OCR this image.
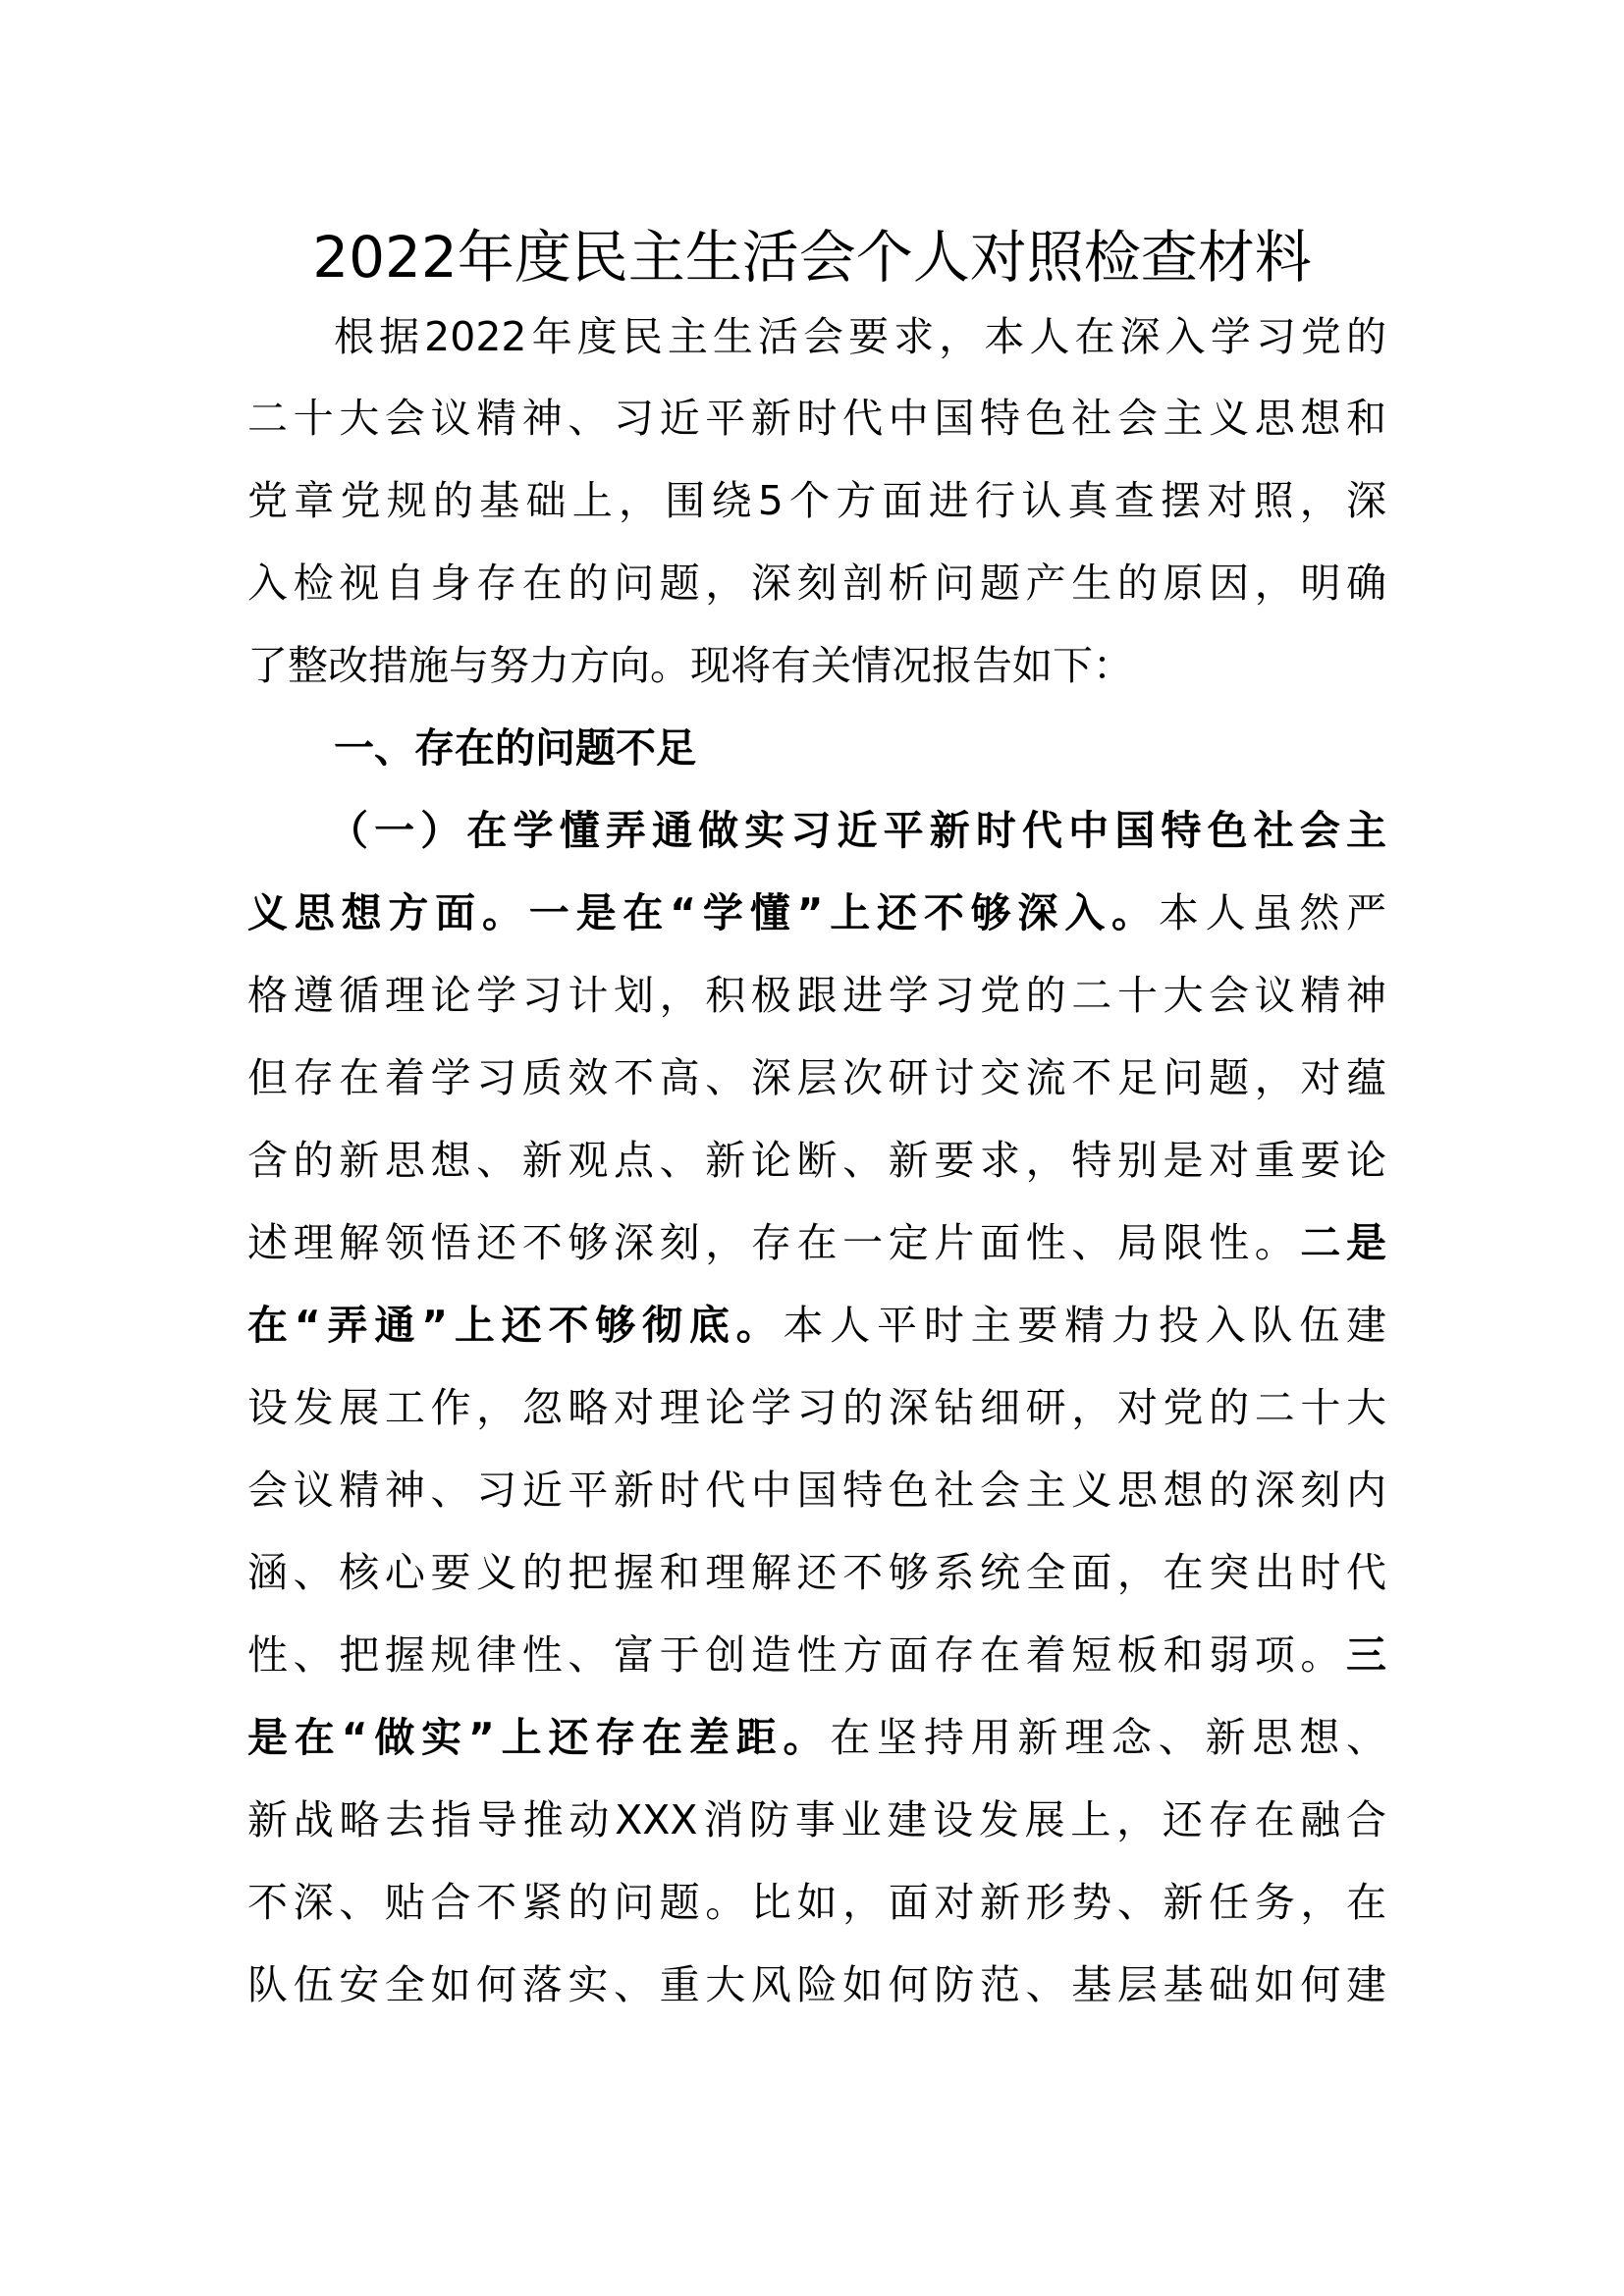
2022年度民主生活会个人对照检查材料
根据2022年度民主生活会要求，本人在深入学习党的
二十大会议精神、习近平新时代中国特色社会主义思想和
党章党规的基础上，围绕5个方面进行认真查摆对照，深
入检视自身存在的问题，深刻剖析问题产生的原因，明确
了整改措施与努力方向。现将有关情况报告如下：
一、存在的问题不足
（一）在学懂弄通做实习近平新时代中国特色社会主
义思想方面。一是在“学懂”上还不够深入。本人虽然严
格遵循理论学习计划，积极跟进学习党的二十大会议精神
但存在着学习质效不高、深层次研讨交流不足问题，对蕴
含的新思想、新观点、新论断、新要求，特别是对重要论
述理解领悟还不够深刻，存在一定片面性、局限性。二是
在“弄通”上还不够彻底。本人平时主要精力投入队伍建
设发展工作，忽略对理论学习的深钻细研，对党的二十大
会议精神、习近平新时代中国特色社会主义思想的深刻内
涵、核心要义的把握和理解还不够系统全面，在突出时代
性、把握规律性、富于创造性方面存在着短板和弱项。三
是在“做实”上还存在差距。在坚持用新理念、新思想、
新战略去指导推动XXX消防事业建设发展上，还存在融合
不深、贴合不紧的问题。比如，面对新形势、新任务，在
队伍安全如何落实、重大风险如何防范、基层基础如何建
